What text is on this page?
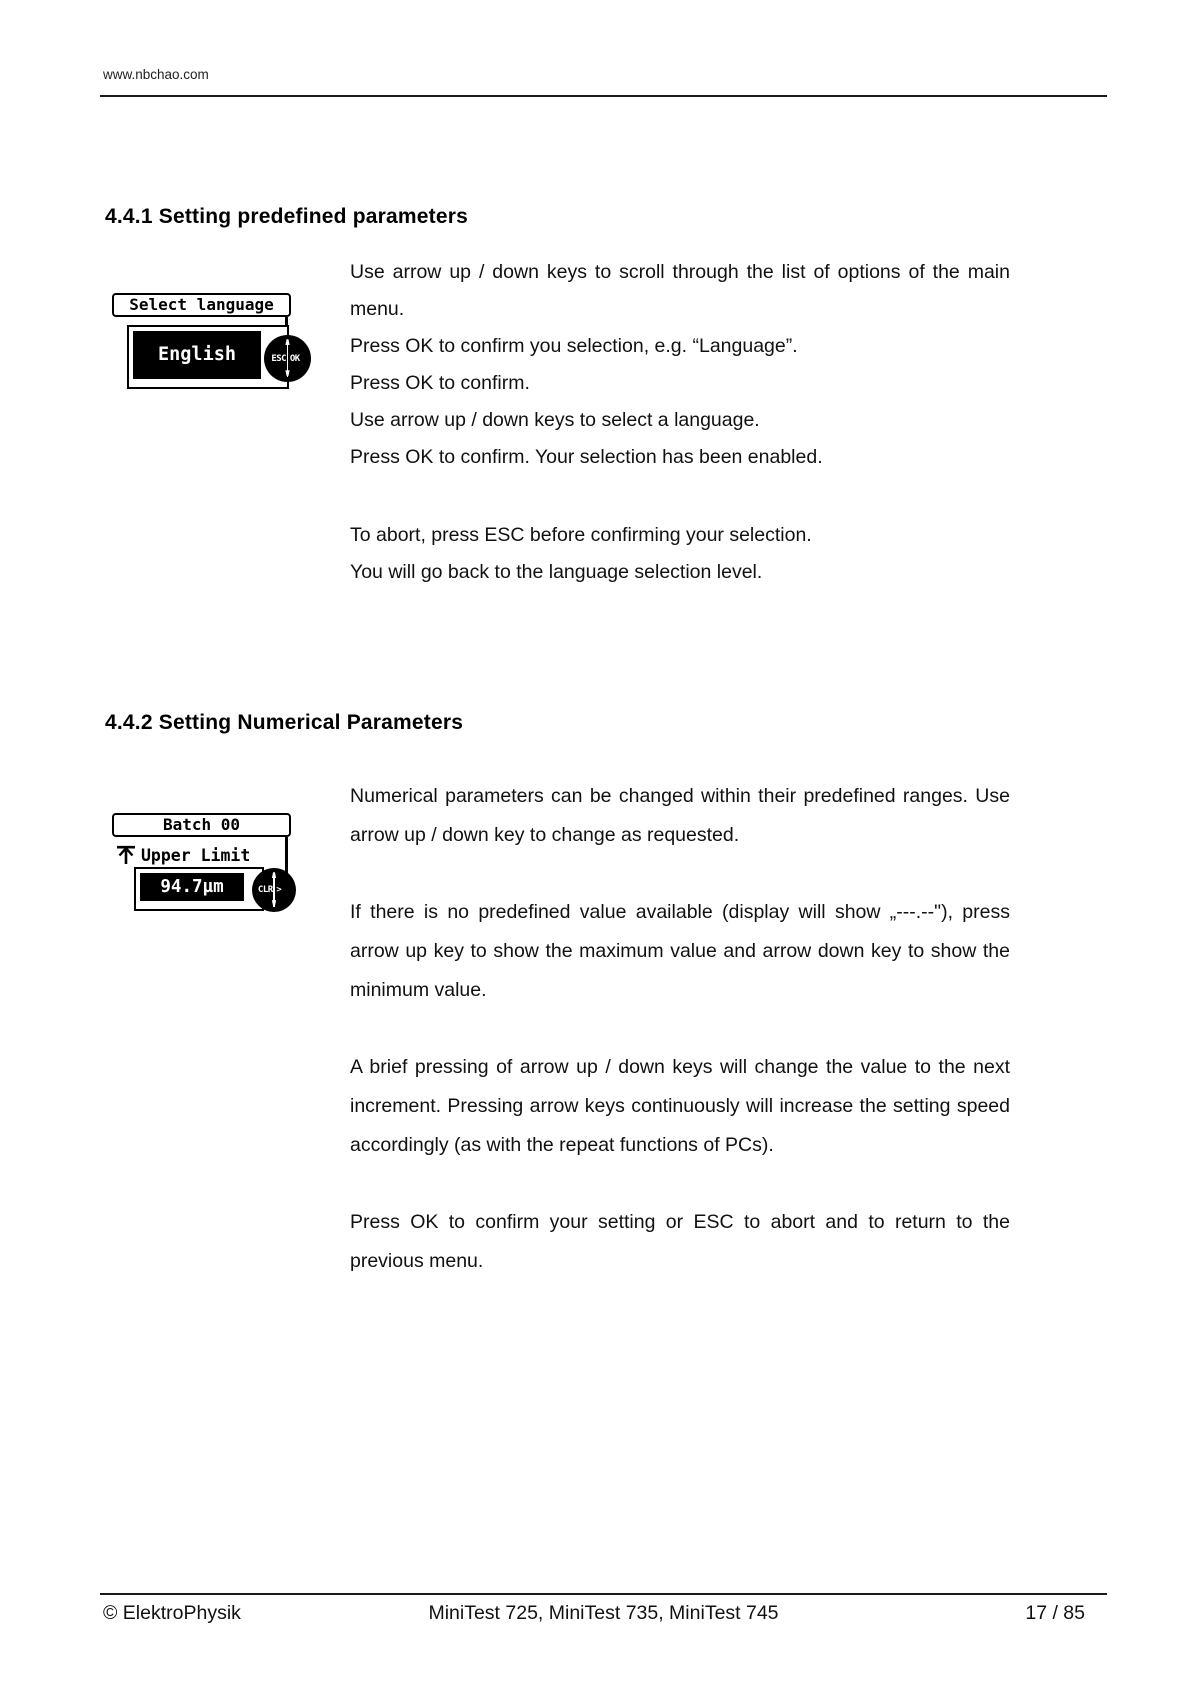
www.nbchao.com
4.4.1 Setting predefined parameters
Select language
English
∧
ESC OK
∨

Use arrow up / down keys to scroll through the list of options of the main menu.

Press OK to confirm you selection, e.g. “Language”.

Press OK to confirm.

Use arrow up / down keys to select a language.

Press OK to confirm. Your selection has been enabled.

To abort, press ESC before confirming your selection.

You will go back to the language selection level.

4.4.2 Setting Numerical Parameters
Batch 00
Upper Limit
94.7µm
∧
CLR >
∨

Numerical parameters can be changed within their predefined ranges. Use arrow up / down key to change as requested.

If there is no predefined value available (display will show „---.--"), press arrow up key to show the maximum value and arrow down key to show the minimum value.

A brief pressing of arrow up / down keys will change the value to the next increment. Pressing arrow keys continuously will increase the setting speed accordingly (as with the repeat functions of PCs).

Press OK to confirm your setting or ESC to abort and to return to the previous menu.

© ElektroPhysik	MiniTest 725, MiniTest 735, MiniTest 745	17 / 85
